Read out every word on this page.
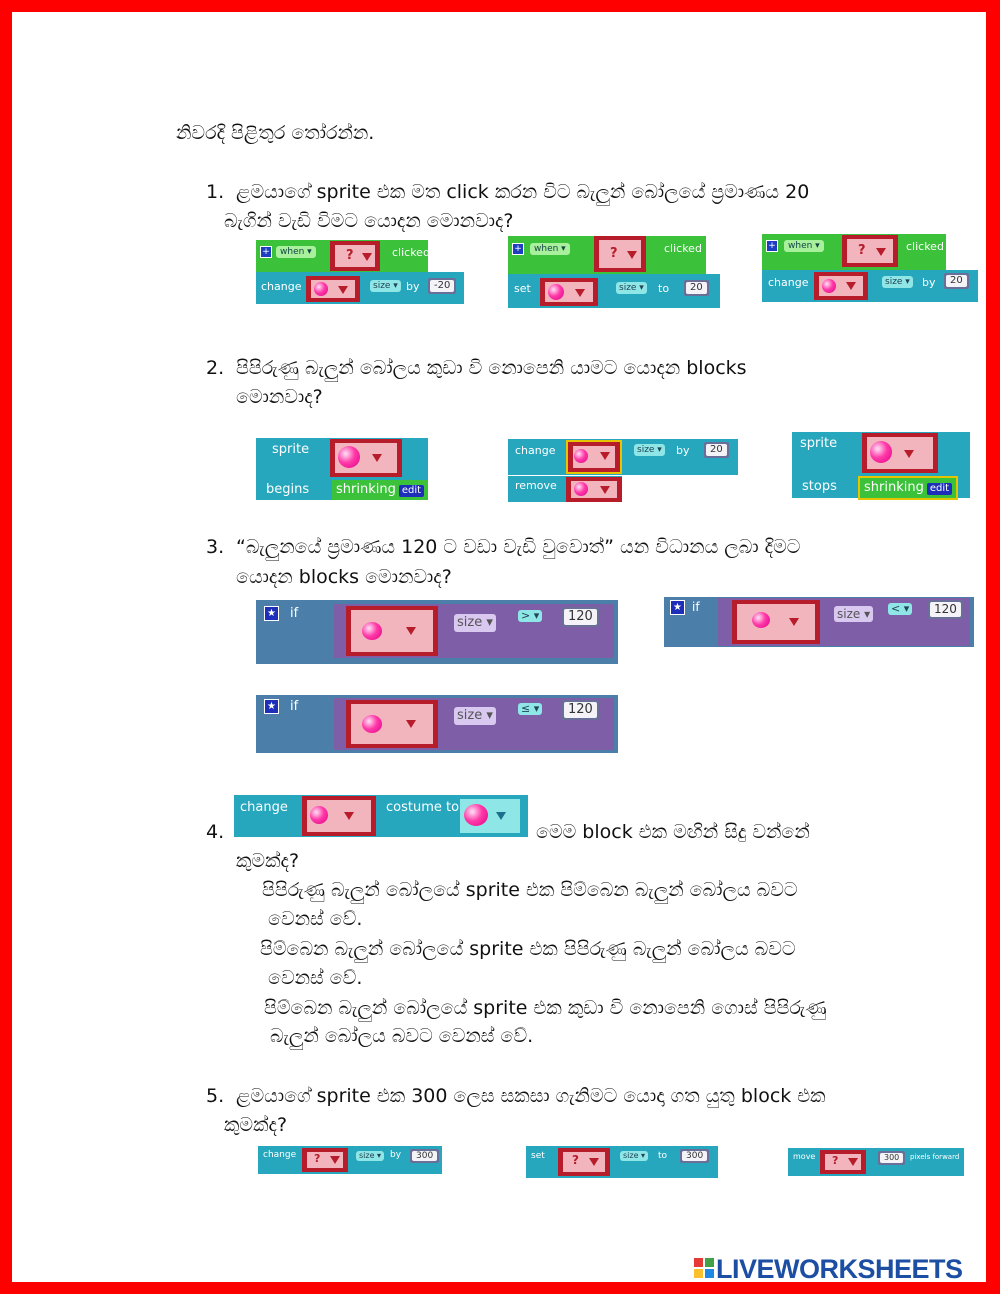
නිවරදි පිළිතුර තෝරන්න.
1. ළමයාගේ sprite එක මත click කරන විට බැලුන් බෝලයේ ප්‍රමාණය 20
බැගින් වැඩි විමට යොදන මොනවාද?
+	when ▾	?	clicked
change	size ▾ by	-20
+	when ▾	?	clicked
set	size ▾ to	20
+	when ▾	?	clicked
change	size ▾ by	20
2. පිපිරුණු බැලුන් බෝලය කුඩා වි නොපෙනි යාමට යොදන blocks
මොනවාද?
sprite
begins	shrinking edit
change	size ▾ by	20
remove
sprite
stops	shrinking edit
3. “බැලුනයේ ප්‍රමාණය 120 ට වඩා වැඩි වුවොත්” යන විධානය ලබා දිමට
යොදන blocks මොනවාද?
★ if
size ▾	> ▾	120
★ if	size ▾ < ▾	120
★ if
size ▾	≤ ▾	120
4.
change	costume to
මෙම block එක මඟින් සිදු වන්නේ
කුමක්ද?
පිපිරුණු බැලුන් බෝලයේ sprite එක පිම්බෙන බැලුන් බෝලය බවට
වෙනස් වේ.
පිම්බෙන බැලුන් බෝලයේ sprite එක පිපිරුණු බැලුන් බෝලය බවට
වෙනස් වේ.
පිම්බෙන බැලුන් බෝලයේ sprite එක කුඩා වි නොපෙනි ගොස් පිපිරුණු
බැලුන් බෝලය බවට වෙනස් වේ.
5. ළමයාගේ sprite එක 300 ලෙස සකසා ගැනිමට යොදා ගත යුතු block එක
කුමක්ද?
change ?	size ▾ by	300	set ?	size ▾	to	300	move ?	300	pixels forward
LIVEWORKSHEETS
